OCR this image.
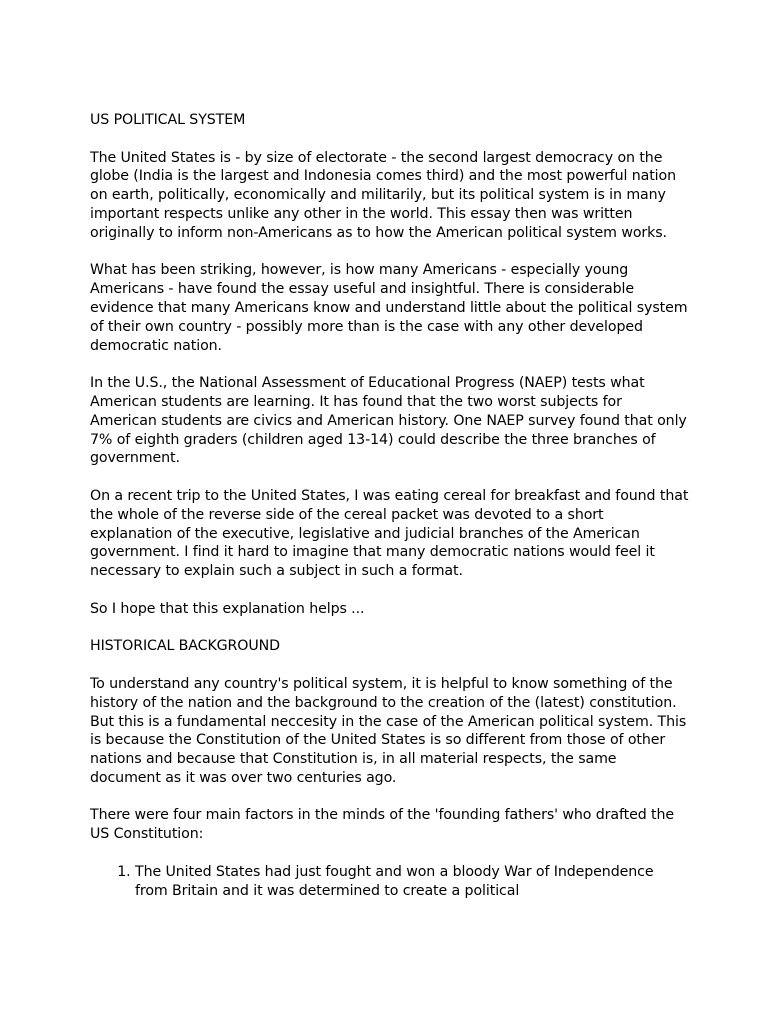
US POLITICAL SYSTEM

The United States is - by size of electorate - the second largest democracy on the globe (India is the largest and Indonesia comes third) and the most powerful nation on earth, politically, economically and militarily, but its political system is in many important respects unlike any other in the world. This essay then was written originally to inform non-Americans as to how the American political system works.

What has been striking, however, is how many Americans - especially young Americans - have found the essay useful and insightful. There is considerable evidence that many Americans know and understand little about the political system of their own country - possibly more than is the case with any other developed democratic nation.

In the U.S., the National Assessment of Educational Progress (NAEP) tests what American students are learning. It has found that the two worst subjects for American students are civics and American history. One NAEP survey found that only 7% of eighth graders (children aged 13-14) could describe the three branches of government.

On a recent trip to the United States, I was eating cereal for breakfast and found that the whole of the reverse side of the cereal packet was devoted to a short explanation of the executive, legislative and judicial branches of the American government. I find it hard to imagine that many democratic nations would feel it necessary to explain such a subject in such a format.

So I hope that this explanation helps ...

HISTORICAL BACKGROUND

To understand any country's political system, it is helpful to know something of the history of the nation and the background to the creation of the (latest) constitution. But this is a fundamental neccesity in the case of the American political system. This is because the Constitution of the United States is so different from those of other nations and because that Constitution is, in all material respects, the same document as it was over two centuries ago.

There were four main factors in the minds of the 'founding fathers' who drafted the US Constitution:

1. The United States had just fought and won a bloody War of Independence from Britain and it was determined to create a political
